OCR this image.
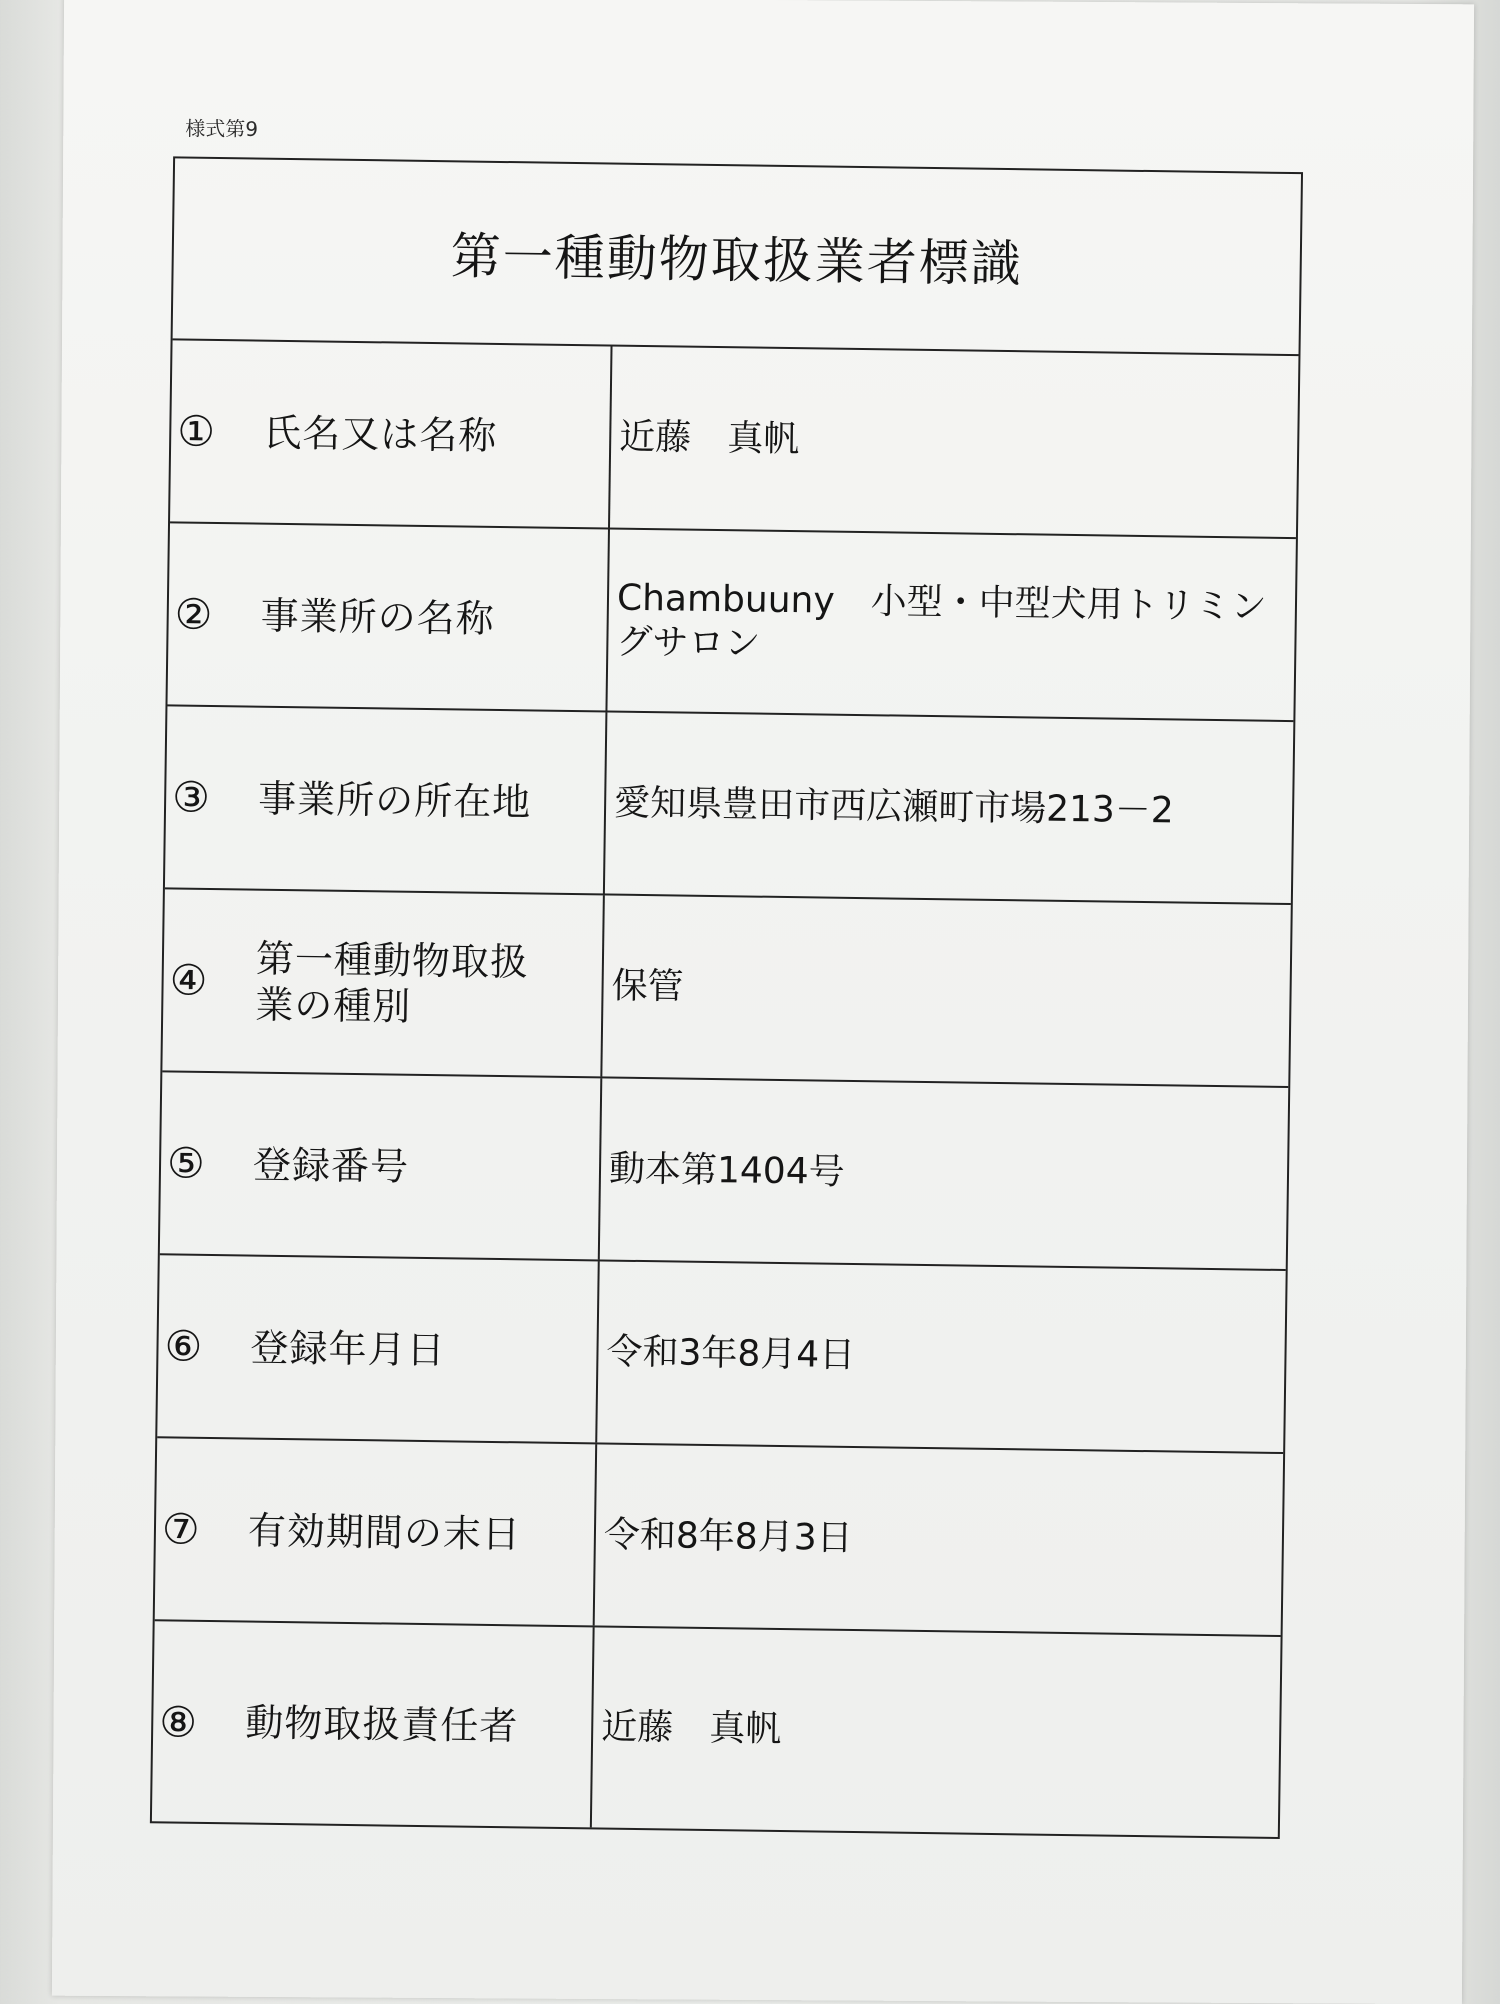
様式第9
第一種動物取扱業者標識
① 氏名又は名称	近藤　真帆
② 事業所の名称	Chambuuny　小型・中型犬用トリミングサロン
③ 事業所の所在地 愛知県豊田市西広瀬町市場213－2
④ 第一種動物取扱業の種別	保管
⑤ 登録番号	動本第1404号
⑥ 登録年月日	令和3年8月4日
⑦ 有効期間の末日 令和8年8月3日
⑧ 動物取扱責任者 近藤　真帆
